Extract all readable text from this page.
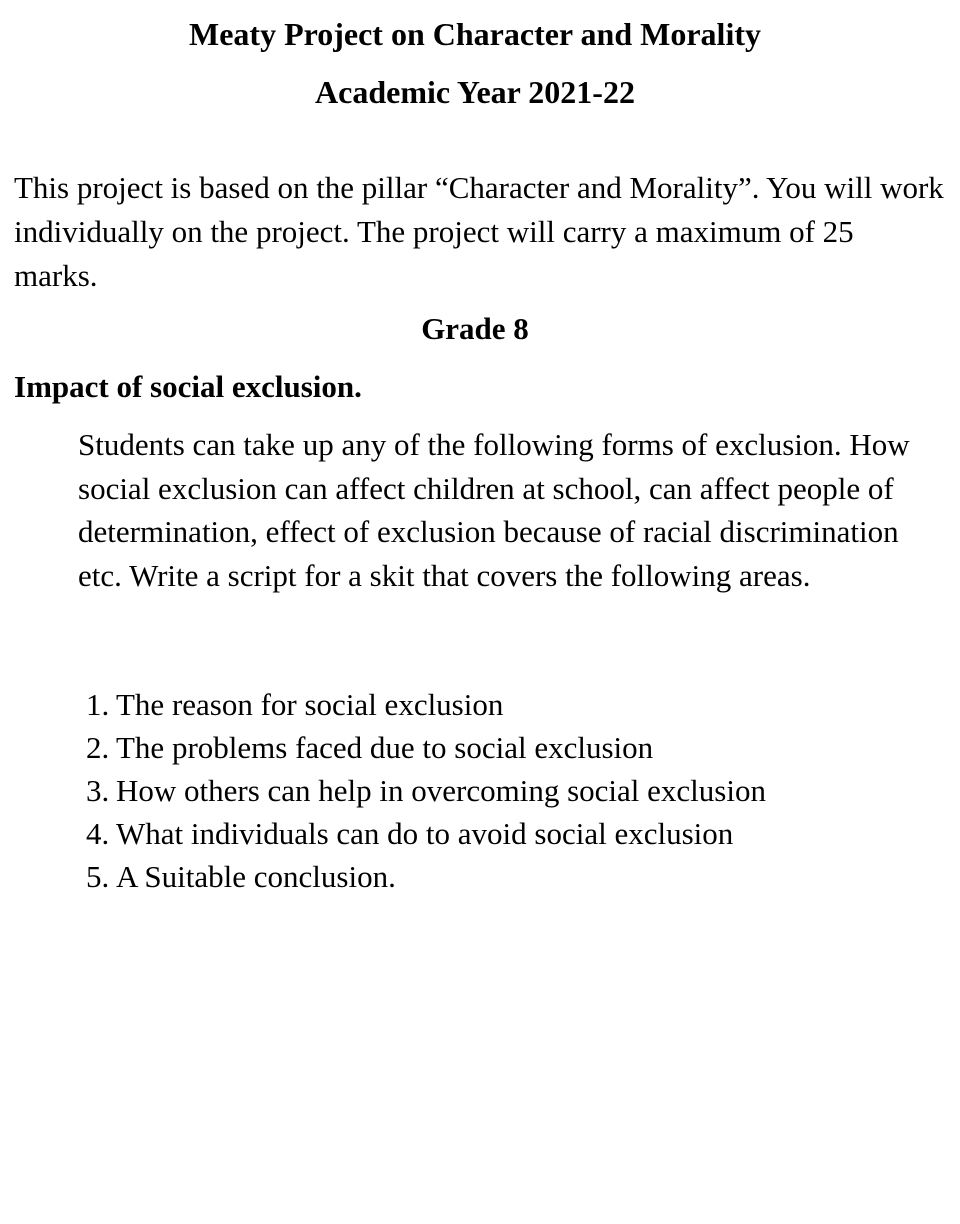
Meaty Project on Character and Morality
Academic Year 2021-22

This project is based on the pillar “Character and Morality”. You will work individually on the project. The project will carry a maximum of 25 marks.

Grade 8
Impact of social exclusion.

Students can take up any of the following forms of exclusion. How social exclusion can affect children at school, can affect people of determination, effect of exclusion because of racial discrimination etc. Write a script for a skit that covers the following areas.

1. The reason for social exclusion
2. The problems faced due to social exclusion
3. How others can help in overcoming social exclusion
4. What individuals can do to avoid social exclusion
5. A Suitable conclusion.
